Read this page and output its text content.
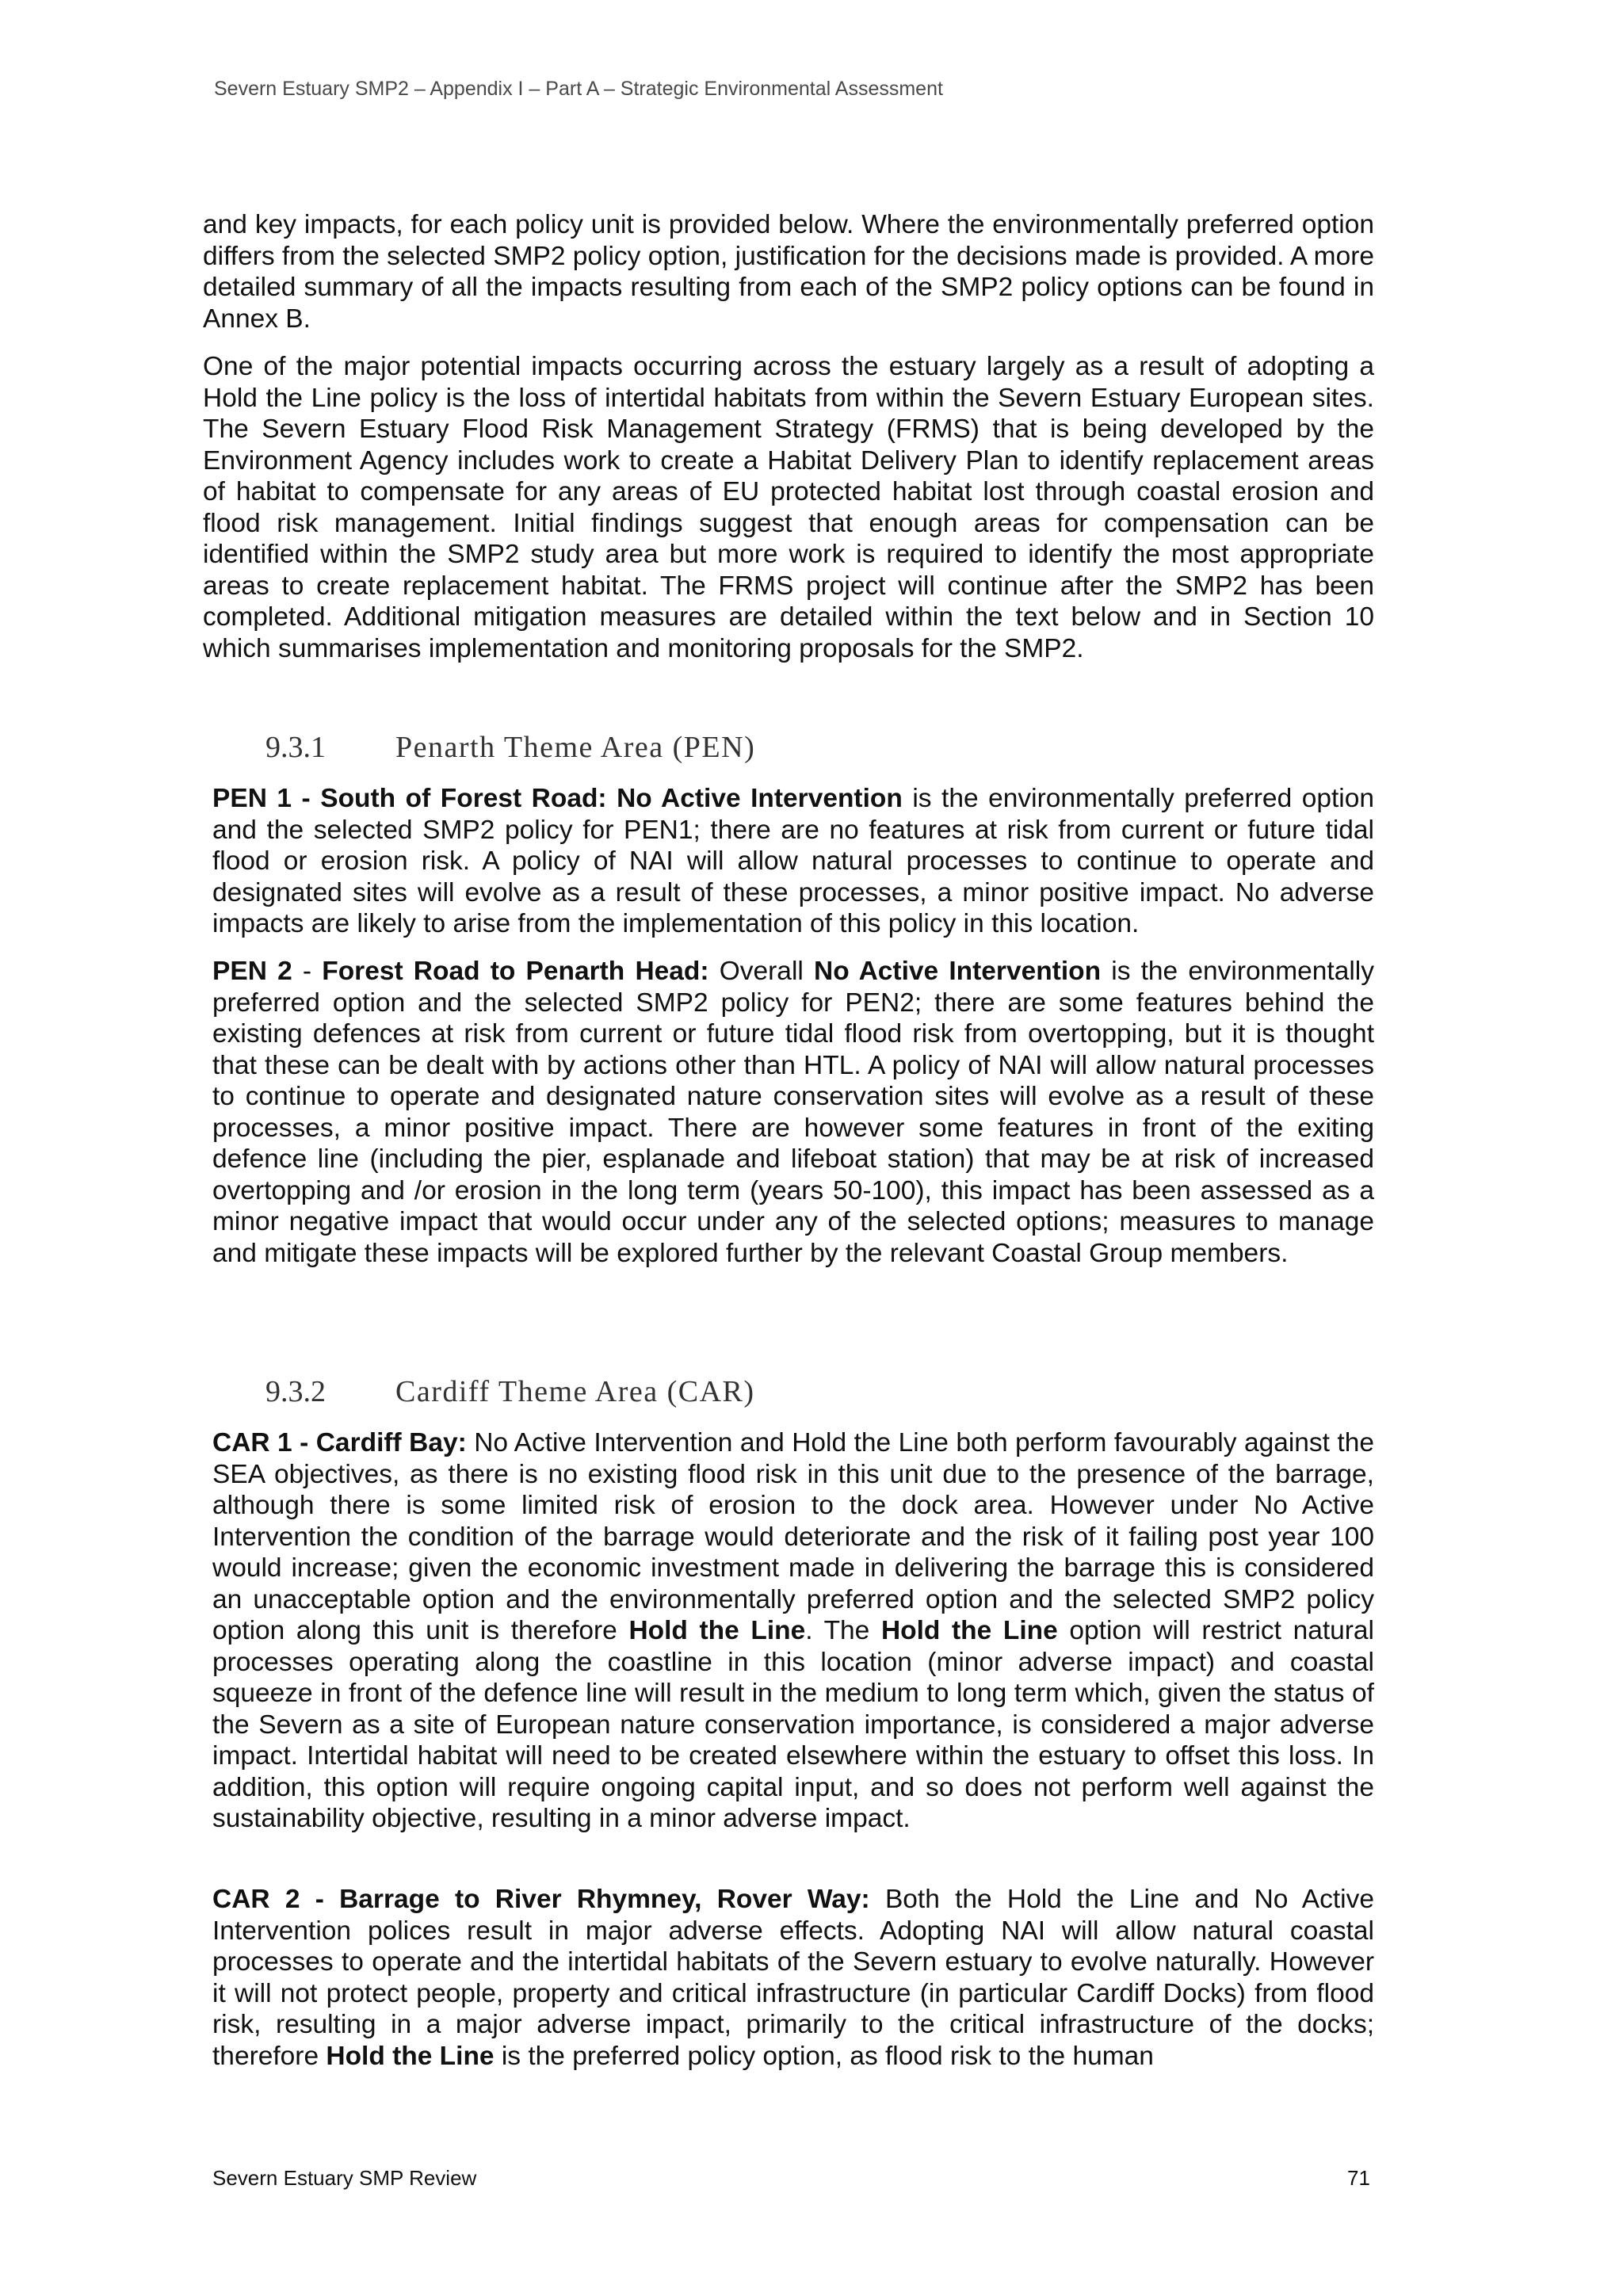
Severn Estuary SMP2 – Appendix I – Part A – Strategic Environmental Assessment

and key impacts, for each policy unit is provided below. Where the environmentally preferred option differs from the selected SMP2 policy option, justification for the decisions made is provided. A more detailed summary of all the impacts resulting from each of the SMP2 policy options can be found in Annex B.

One of the major potential impacts occurring across the estuary largely as a result of adopting a Hold the Line policy is the loss of intertidal habitats from within the Severn Estuary European sites. The Severn Estuary Flood Risk Management Strategy (FRMS) that is being developed by the Environment Agency includes work to create a Habitat Delivery Plan to identify replacement areas of habitat to compensate for any areas of EU protected habitat lost through coastal erosion and flood risk management. Initial findings suggest that enough areas for compensation can be identified within the SMP2 study area but more work is required to identify the most appropriate areas to create replacement habitat. The FRMS project will continue after the SMP2 has been completed. Additional mitigation measures are detailed within the text below and in Section 10 which summarises implementation and monitoring proposals for the SMP2.

9.3.1 Penarth Theme Area (PEN)

PEN 1 - South of Forest Road: No Active Intervention is the environmentally preferred option and the selected SMP2 policy for PEN1; there are no features at risk from current or future tidal flood or erosion risk. A policy of NAI will allow natural processes to continue to operate and designated sites will evolve as a result of these processes, a minor positive impact. No adverse impacts are likely to arise from the implementation of this policy in this location.

PEN 2 - Forest Road to Penarth Head: Overall No Active Intervention is the environmentally preferred option and the selected SMP2 policy for PEN2; there are some features behind the existing defences at risk from current or future tidal flood risk from overtopping, but it is thought that these can be dealt with by actions other than HTL. A policy of NAI will allow natural processes to continue to operate and designated nature conservation sites will evolve as a result of these processes, a minor positive impact. There are however some features in front of the exiting defence line (including the pier, esplanade and lifeboat station) that may be at risk of increased overtopping and /or erosion in the long term (years 50-100), this impact has been assessed as a minor negative impact that would occur under any of the selected options; measures to manage and mitigate these impacts will be explored further by the relevant Coastal Group members.

9.3.2 Cardiff Theme Area (CAR)

CAR 1 - Cardiff Bay: No Active Intervention and Hold the Line both perform favourably against the SEA objectives, as there is no existing flood risk in this unit due to the presence of the barrage, although there is some limited risk of erosion to the dock area. However under No Active Intervention the condition of the barrage would deteriorate and the risk of it failing post year 100 would increase; given the economic investment made in delivering the barrage this is considered an unacceptable option and the environmentally preferred option and the selected SMP2 policy option along this unit is therefore Hold the Line. The Hold the Line option will restrict natural processes operating along the coastline in this location (minor adverse impact) and coastal squeeze in front of the defence line will result in the medium to long term which, given the status of the Severn as a site of European nature conservation importance, is considered a major adverse impact. Intertidal habitat will need to be created elsewhere within the estuary to offset this loss. In addition, this option will require ongoing capital input, and so does not perform well against the sustainability objective, resulting in a minor adverse impact.

CAR 2 - Barrage to River Rhymney, Rover Way: Both the Hold the Line and No Active Intervention polices result in major adverse effects. Adopting NAI will allow natural coastal processes to operate and the intertidal habitats of the Severn estuary to evolve naturally. However it will not protect people, property and critical infrastructure (in particular Cardiff Docks) from flood risk, resulting in a major adverse impact, primarily to the critical infrastructure of the docks; therefore Hold the Line is the preferred policy option, as flood risk to the human

Severn Estuary SMP Review	71
